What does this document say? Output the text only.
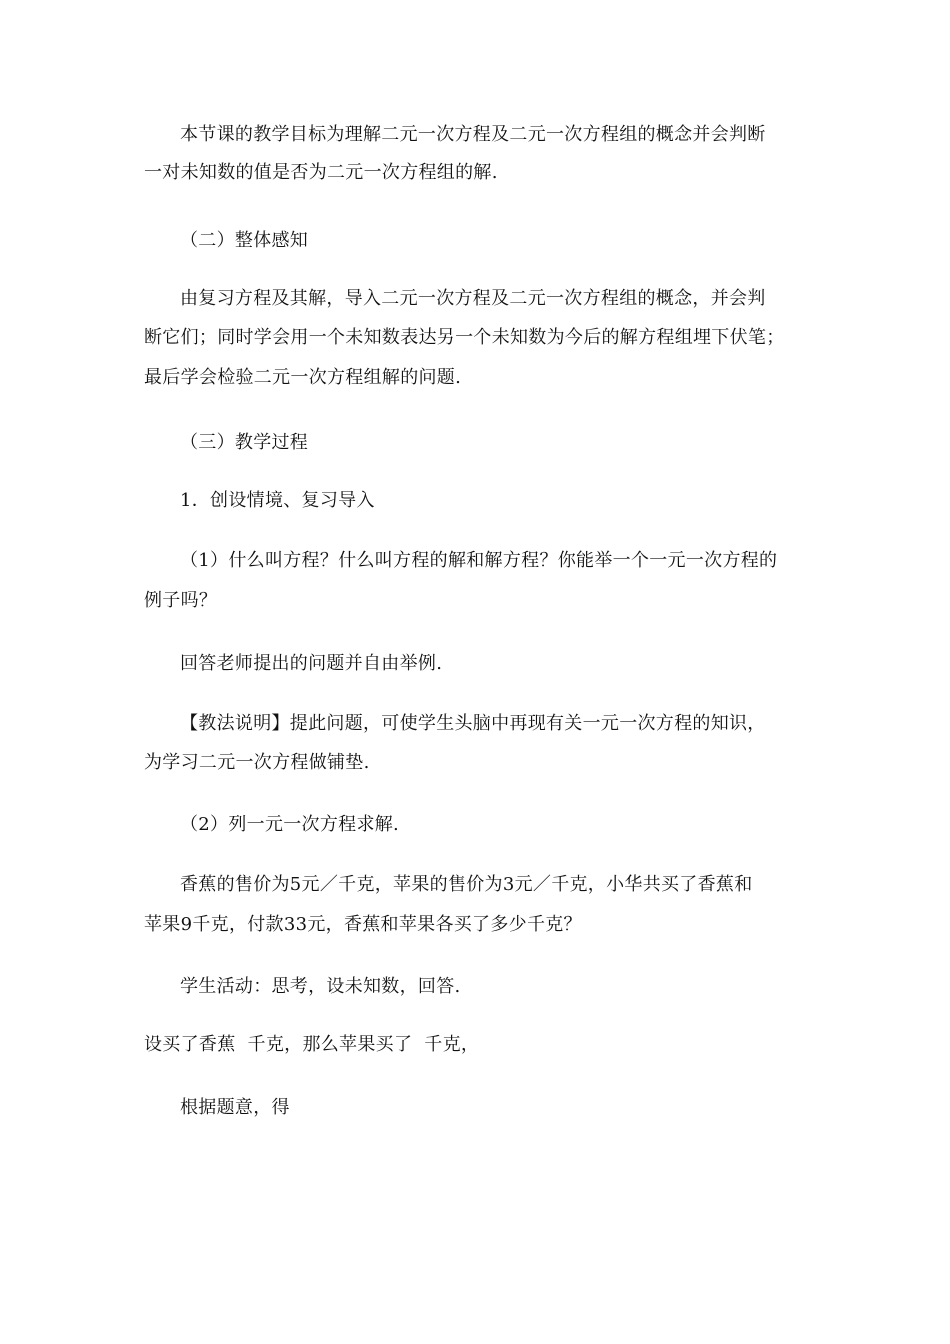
本节课的教学目标为理解二元一次方程及二元一次方程组的概念并会判断
一对未知数的值是否为二元一次方程组的解.
（二）整体感知
由复习方程及其解，导入二元一次方程及二元一次方程组的概念，并会判
断它们；同时学会用一个未知数表达另一个未知数为今后的解方程组埋下伏笔；
最后学会检验二元一次方程组解的问题.
（三）教学过程
1．创设情境、复习导入
（1）什么叫方程？什么叫方程的解和解方程？你能举一个一元一次方程的
例子吗？
回答老师提出的问题并自由举例.
【教法说明】提此问题，可使学生头脑中再现有关一元一次方程的知识，
为学习二元一次方程做铺垫.
（2）列一元一次方程求解.
香蕉的售价为5元／千克，苹果的售价为3元／千克，小华共买了香蕉和
苹果9千克，付款33元，香蕉和苹果各买了多少千克？
学生活动：思考，设未知数，回答.
设买了香蕉  千克，那么苹果买了  千克，
根据题意，得
